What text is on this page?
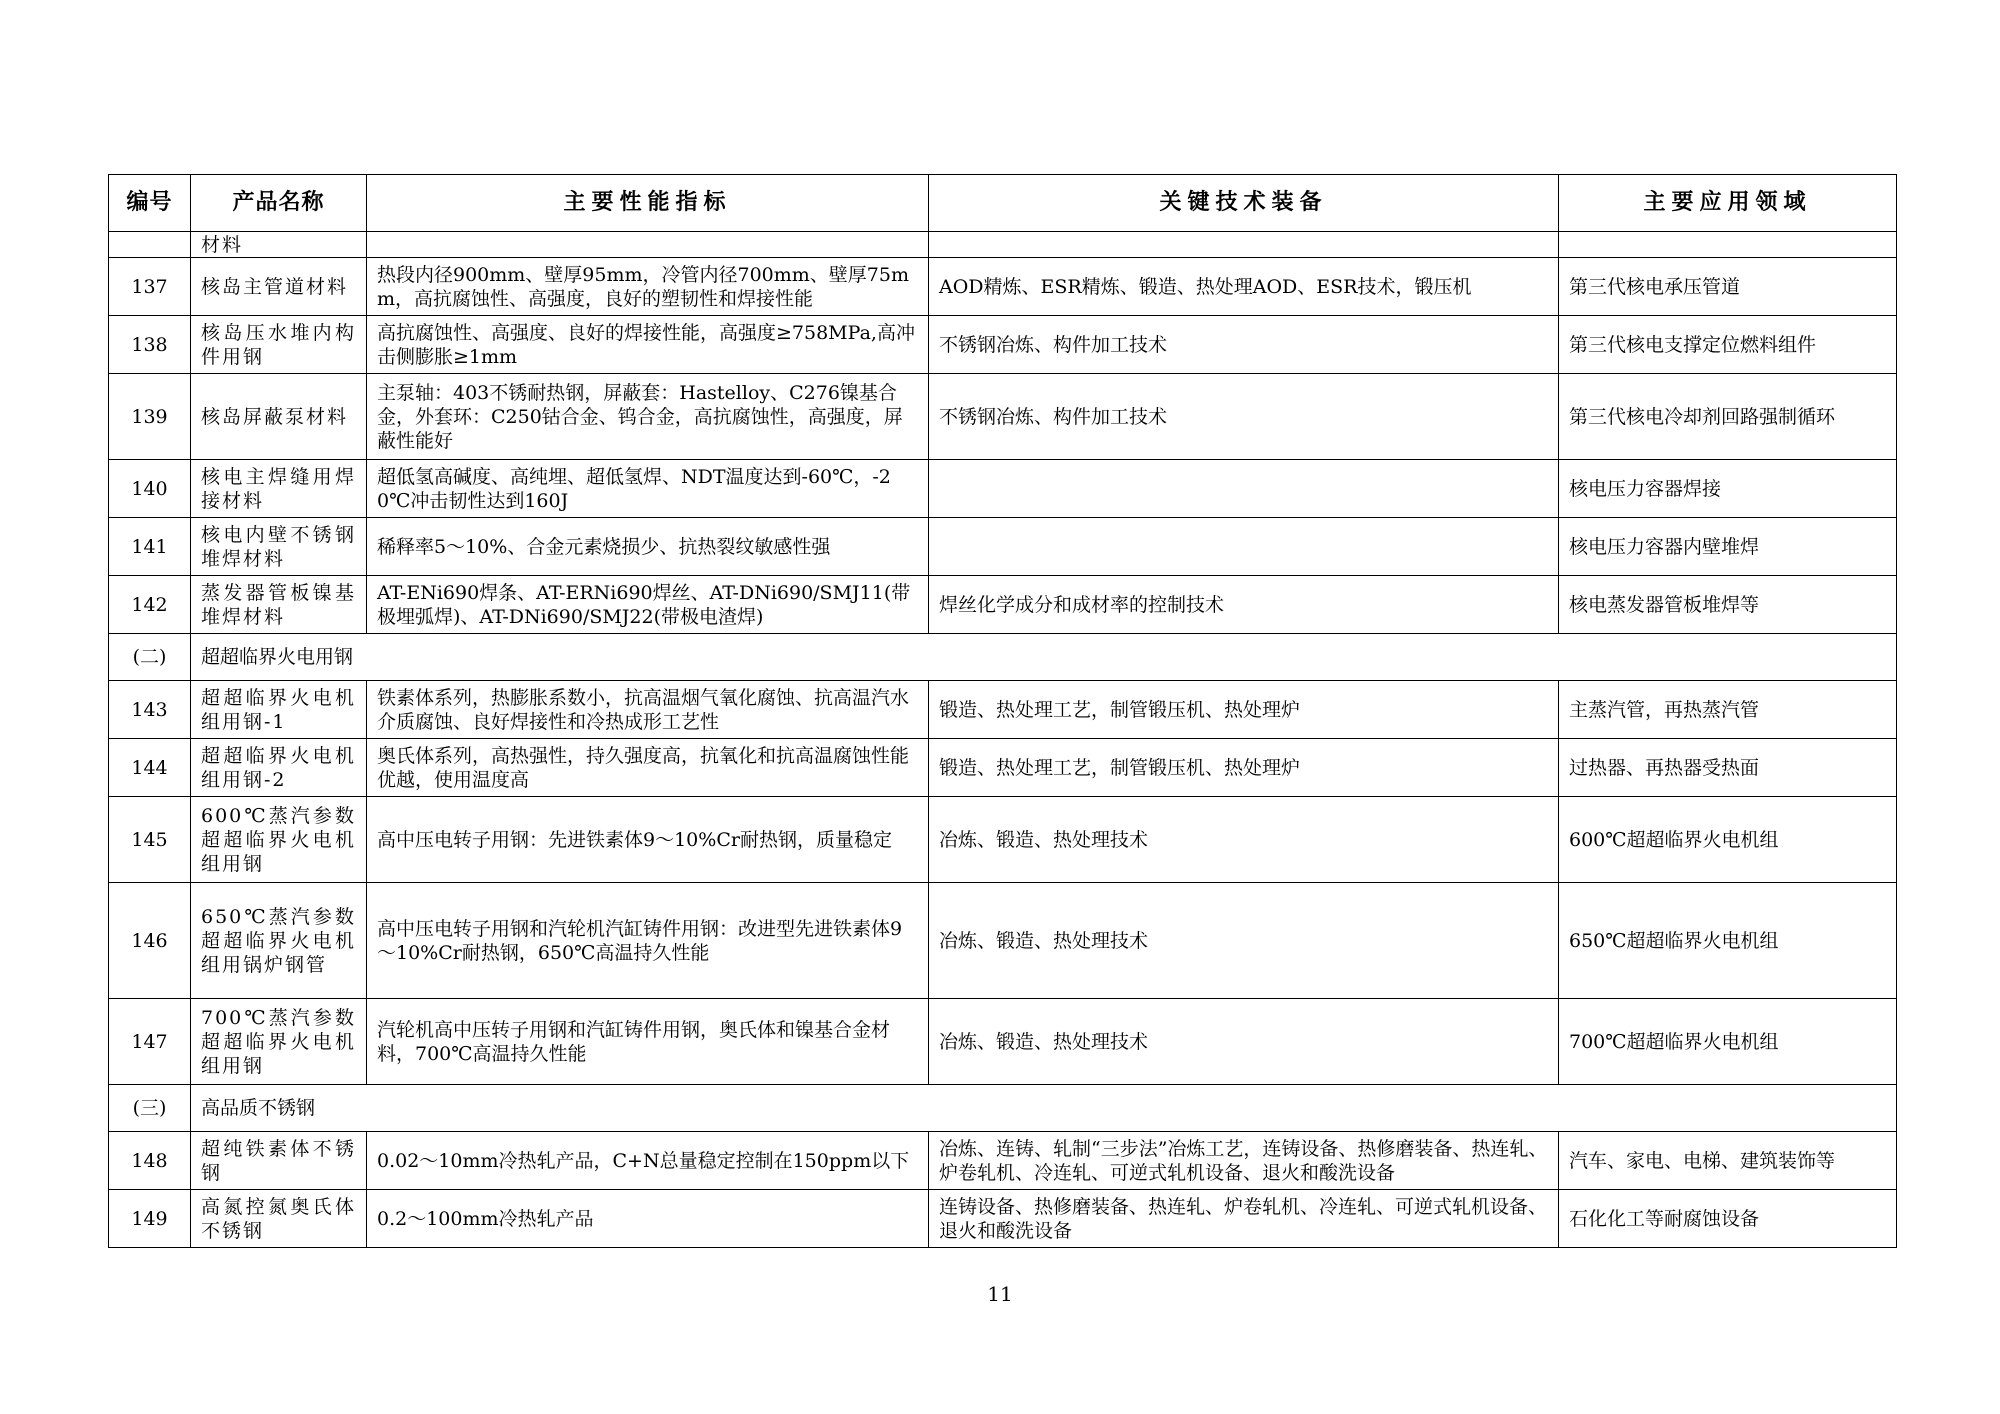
编号	产品名称	主要性能指标	关键技术装备	主要应用领域
	材料			
137	核岛主管道材料	热段内径900mm、壁厚95mm，冷管内径700mm、壁厚75mm，高抗腐蚀性、高强度，良好的塑韧性和焊接性能	AOD精炼、ESR精炼、锻造、热处理AOD、ESR技术，锻压机	第三代核电承压管道
138	核岛压水堆内构件用钢	高抗腐蚀性、高强度、良好的焊接性能，高强度≥758MPa,高冲击侧膨胀≥1mm	不锈钢冶炼、构件加工技术	第三代核电支撑定位燃料组件
139	核岛屏蔽泵材料	主泵轴：403不锈耐热钢，屏蔽套：Hastelloy、C276镍基合金，外套环：C250钴合金、钨合金，高抗腐蚀性，高强度，屏蔽性能好	不锈钢冶炼、构件加工技术	第三代核电冷却剂回路强制循环
140	核电主焊缝用焊接材料	超低氢高碱度、高纯埋、超低氢焊、NDT温度达到-60℃，-20℃冲击韧性达到160J		核电压力容器焊接
141	核电内壁不锈钢堆焊材料	稀释率5～10%、合金元素烧损少、抗热裂纹敏感性强		核电压力容器内壁堆焊
142	蒸发器管板镍基堆焊材料	AT-ENi690焊条、AT-ERNi690焊丝、AT-DNi690/SMJ11(带极埋弧焊)、AT-DNi690/SMJ22(带极电渣焊)	焊丝化学成分和成材率的控制技术	核电蒸发器管板堆焊等
(二)	超超临界火电用钢			
143	超超临界火电机组用钢-1	铁素体系列，热膨胀系数小，抗高温烟气氧化腐蚀、抗高温汽水介质腐蚀、良好焊接性和冷热成形工艺性	锻造、热处理工艺，制管锻压机、热处理炉	主蒸汽管，再热蒸汽管
144	超超临界火电机组用钢-2	奥氏体系列，高热强性，持久强度高，抗氧化和抗高温腐蚀性能优越，使用温度高	锻造、热处理工艺，制管锻压机、热处理炉	过热器、再热器受热面
145	600℃蒸汽参数超超临界火电机组用钢	高中压电转子用钢：先进铁素体9～10%Cr耐热钢，质量稳定	冶炼、锻造、热处理技术	600℃超超临界火电机组
146	650℃蒸汽参数超超临界火电机组用锅炉钢管	高中压电转子用钢和汽轮机汽缸铸件用钢：改进型先进铁素体9～10%Cr耐热钢，650℃高温持久性能	冶炼、锻造、热处理技术	650℃超超临界火电机组
147	700℃蒸汽参数超超临界火电机组用钢	汽轮机高中压转子用钢和汽缸铸件用钢，奥氏体和镍基合金材料，700℃高温持久性能	冶炼、锻造、热处理技术	700℃超超临界火电机组
(三)	高品质不锈钢			
148	超纯铁素体不锈钢	0.02～10mm冷热轧产品，C+N总量稳定控制在150ppm以下	冶炼、连铸、轧制“三步法”冶炼工艺，连铸设备、热修磨装备、热连轧、炉卷轧机、冷连轧、可逆式轧机设备、退火和酸洗设备	汽车、家电、电梯、建筑装饰等
149	高氮控氮奥氏体不锈钢	0.2～100mm冷热轧产品	连铸设备、热修磨装备、热连轧、炉卷轧机、冷连轧、可逆式轧机设备、退火和酸洗设备	石化化工等耐腐蚀设备
11
